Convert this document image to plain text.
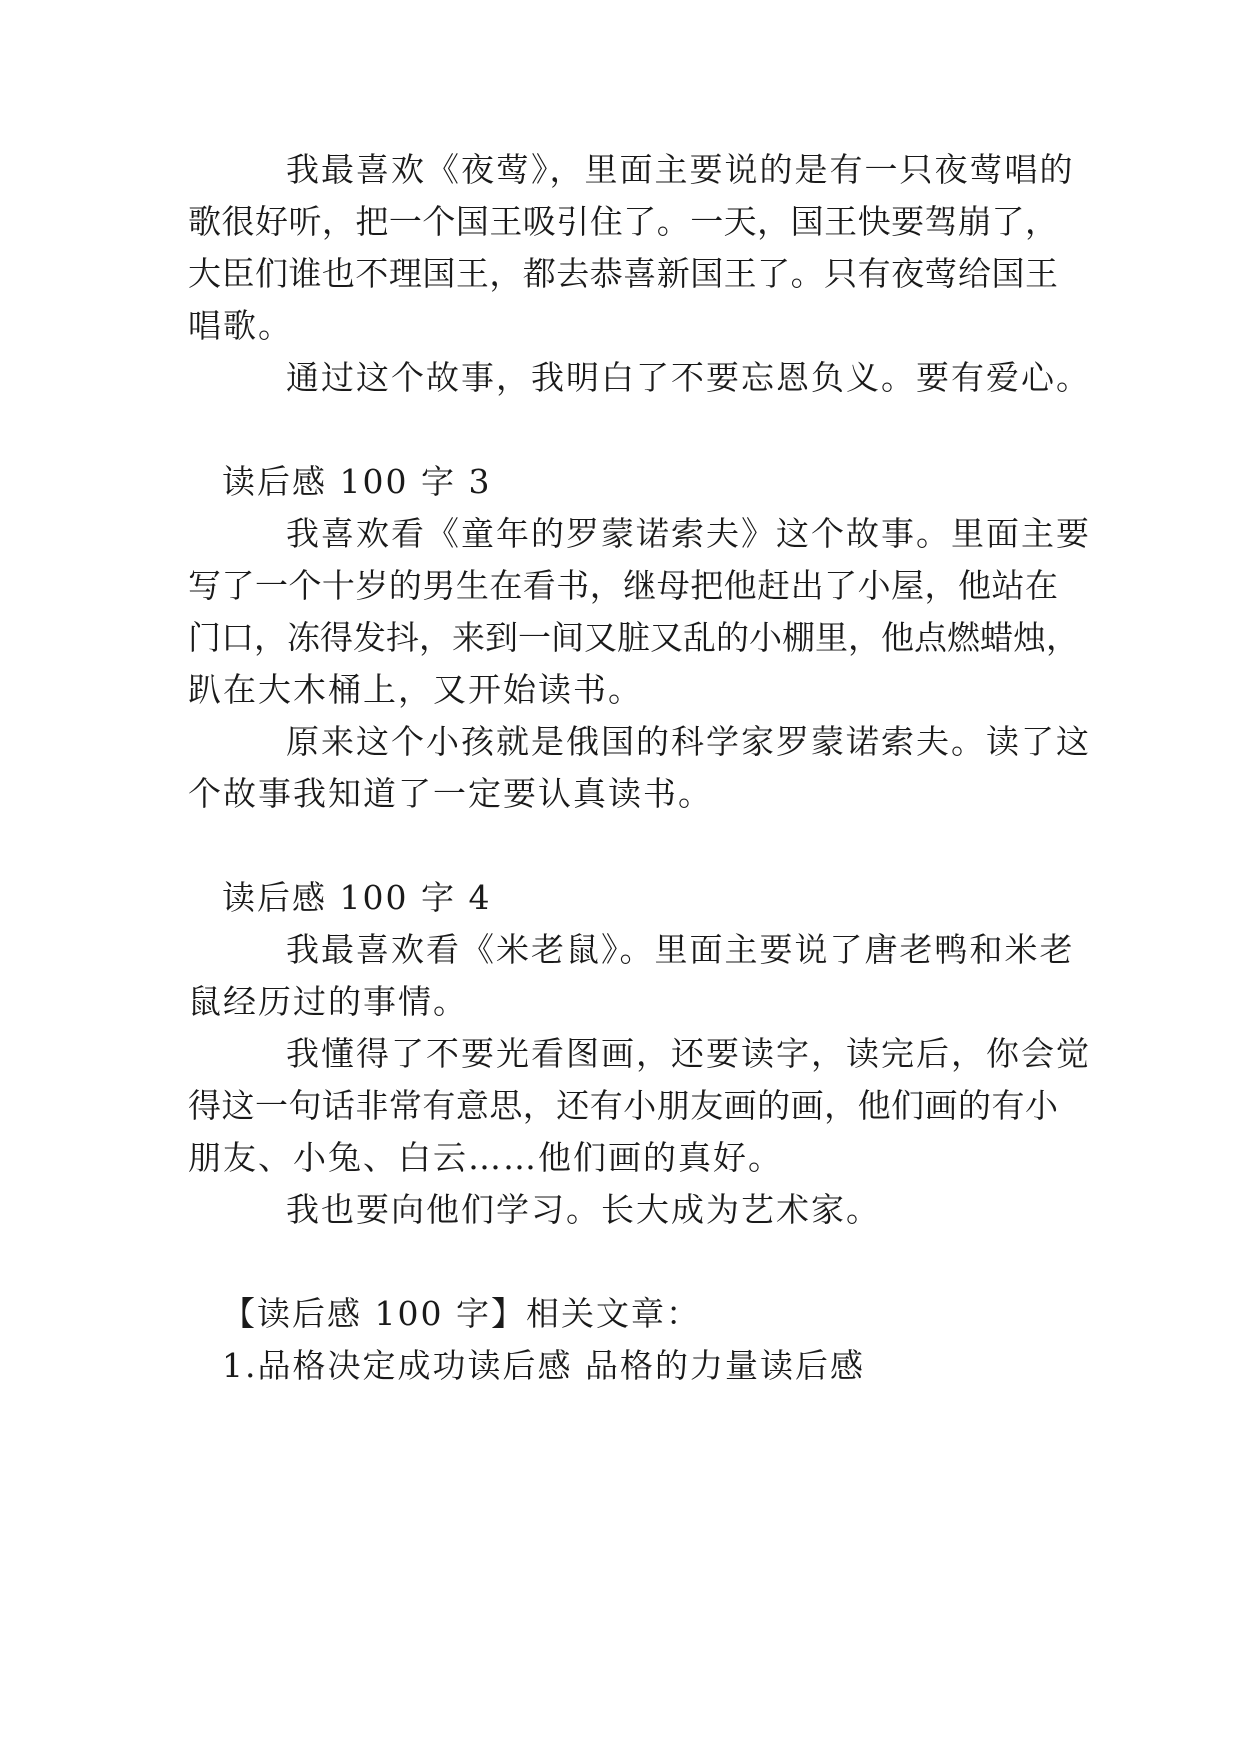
我最喜欢《夜莺》，里面主要说的是有一只夜莺唱的
歌很好听，把一个国王吸引住了。一天，国王快要驾崩了，
大臣们谁也不理国王，都去恭喜新国王了。只有夜莺给国王
唱歌。
通过这个故事，我明白了不要忘恩负义。要有爱心。
读后感 100 字 3
我喜欢看《童年的罗蒙诺索夫》这个故事。里面主要
写了一个十岁的男生在看书，继母把他赶出了小屋，他站在
门口，冻得发抖，来到一间又脏又乱的小棚里，他点燃蜡烛，
趴在大木桶上，又开始读书。
原来这个小孩就是俄国的科学家罗蒙诺索夫。读了这
个故事我知道了一定要认真读书。
读后感 100 字 4
我最喜欢看《米老鼠》。里面主要说了唐老鸭和米老
鼠经历过的事情。
我懂得了不要光看图画，还要读字，读完后，你会觉
得这一句话非常有意思，还有小朋友画的画，他们画的有小
朋友、小兔、白云……他们画的真好。
我也要向他们学习。长大成为艺术家。
【读后感 100 字】相关文章：
1.品格决定成功读后感 品格的力量读后感
